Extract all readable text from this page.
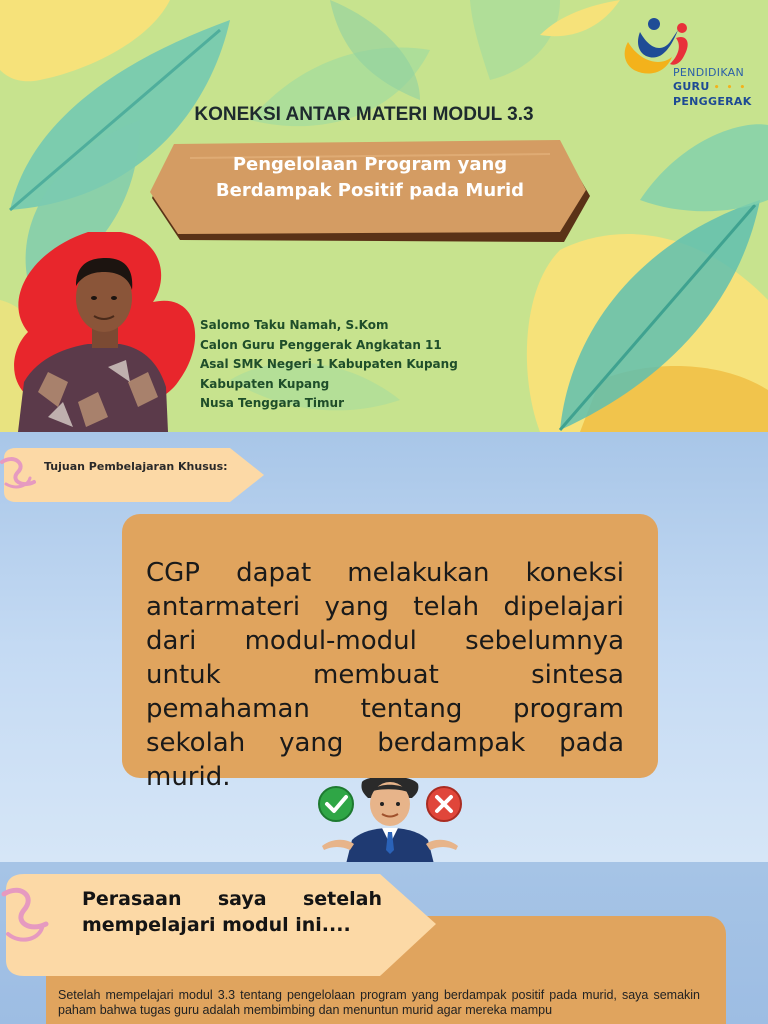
PENDIDIKAN
GURU • • •
PENGGERAK
KONEKSI ANTAR MATERI MODUL 3.3
Pengelolaan Program yang
Berdampak Positif pada Murid
Salomo Taku Namah, S.Kom
Calon Guru Penggerak Angkatan 11
Asal SMK Negeri 1 Kabupaten Kupang
Kabupaten Kupang
Nusa Tenggara Timur
Tujuan Pembelajaran Khusus:
CGP dapat melakukan koneksi antarmateri yang telah dipelajari dari modul-modul sebelumnya untuk membuat sintesa pemahaman tentang program sekolah yang berdampak pada murid.
Perasaan saya setelah mempelajari modul ini....
Setelah mempelajari modul 3.3 tentang pengelolaan program yang berdampak positif pada murid, saya semakin paham bahwa tugas guru adalah membimbing dan menuntun murid agar mereka mampu
